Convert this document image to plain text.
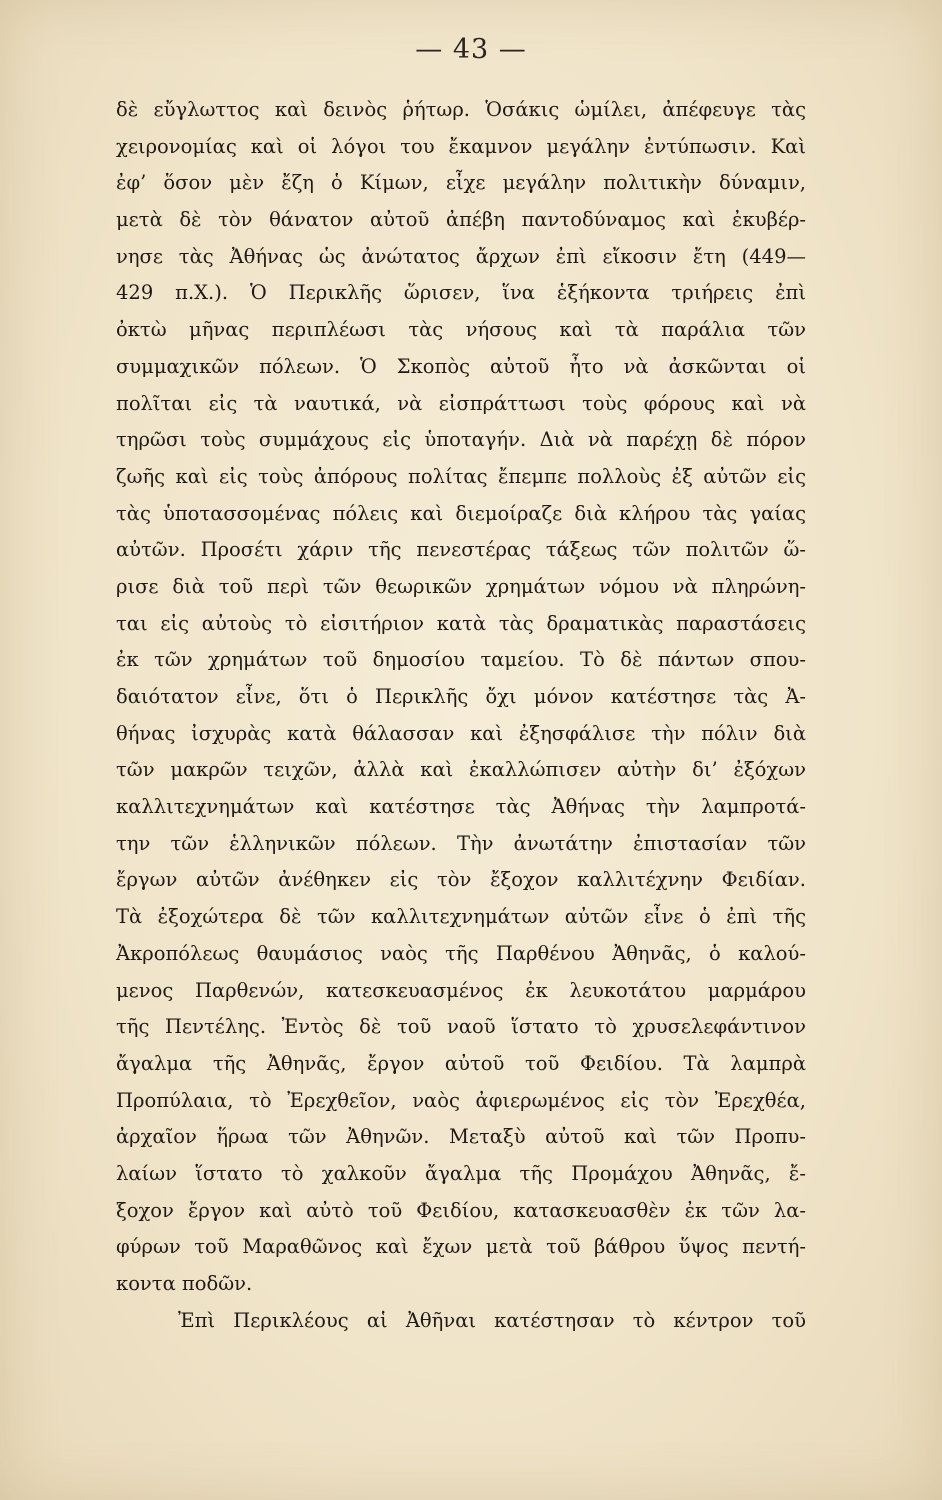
— 43 —
δὲ εὔγλωττος καὶ δεινὸς ῥήτωρ. Ὁσάκις ὡμίλει, ἀπέφευγε τὰς
χειρονομίας καὶ οἱ λόγοι του ἔκαμνον μεγάλην ἐντύπωσιν. Καὶ
ἐφ’ ὅσον μὲν ἔζη ὁ Κίμων, εἶχε μεγάλην πολιτικὴν δύναμιν,
μετὰ δὲ τὸν θάνατον αὐτοῦ ἀπέβη παντοδύναμος καὶ ἐκυβέρ-
νησε τὰς Ἀθήνας ὡς ἀνώτατος ἄρχων ἐπὶ εἴκοσιν ἔτη (449—
429 π.Χ.). Ὁ Περικλῆς ὥρισεν, ἵνα ἑξήκοντα τριήρεις ἐπὶ
ὀκτὼ μῆνας περιπλέωσι τὰς νήσους καὶ τὰ παράλια τῶν
συμμαχικῶν πόλεων. Ὁ Σκοπὸς αὐτοῦ ἦτο νὰ ἀσκῶνται οἱ
πολῖται εἰς τὰ ναυτικά, νὰ εἰσπράττωσι τοὺς φόρους καὶ νὰ
τηρῶσι τοὺς συμμάχους εἰς ὑποταγήν. Διὰ νὰ παρέχῃ δὲ πόρον
ζωῆς καὶ εἰς τοὺς ἀπόρους πολίτας ἔπεμπε πολλοὺς ἐξ αὐτῶν εἰς
τὰς ὑποτασσομένας πόλεις καὶ διεμοίραζε διὰ κλήρου τὰς γαίας
αὐτῶν. Προσέτι χάριν τῆς πενεστέρας τάξεως τῶν πολιτῶν ὥ-
ρισε διὰ τοῦ περὶ τῶν θεωρικῶν χρημάτων νόμου νὰ πληρώνη-
ται εἰς αὐτοὺς τὸ εἰσιτήριον κατὰ τὰς δραματικὰς παραστάσεις
ἐκ τῶν χρημάτων τοῦ δημοσίου ταμείου. Τὸ δὲ πάντων σπου-
δαιότατον εἶνε, ὅτι ὁ Περικλῆς ὄχι μόνον κατέστησε τὰς Ἀ-
θήνας ἰσχυρὰς κατὰ θάλασσαν καὶ ἐξησφάλισε τὴν πόλιν διὰ
τῶν μακρῶν τειχῶν, ἀλλὰ καὶ ἐκαλλώπισεν αὐτὴν δι’ ἐξόχων
καλλιτεχνημάτων καὶ κατέστησε τὰς Ἀθήνας τὴν λαμπροτά-
την τῶν ἑλληνικῶν πόλεων. Τὴν ἀνωτάτην ἐπιστασίαν τῶν
ἔργων αὐτῶν ἀνέθηκεν εἰς τὸν ἔξοχον καλλιτέχνην Φειδίαν.
Τὰ ἐξοχώτερα δὲ τῶν καλλιτεχνημάτων αὐτῶν εἶνε ὁ ἐπὶ τῆς
Ἀκροπόλεως θαυμάσιος ναὸς τῆς Παρθένου Ἀθηνᾶς, ὁ καλού-
μενος Παρθενών, κατεσκευασμένος ἐκ λευκοτάτου μαρμάρου
τῆς Πεντέλης. Ἐντὸς δὲ τοῦ ναοῦ ἵστατο τὸ χρυσελεφάντινον
ἄγαλμα τῆς Ἀθηνᾶς, ἔργον αὐτοῦ τοῦ Φειδίου. Τὰ λαμπρὰ
Προπύλαια, τὸ Ἐρεχθεῖον, ναὸς ἀφιερωμένος εἰς τὸν Ἐρεχθέα,
ἀρχαῖον ἥρωα τῶν Ἀθηνῶν. Μεταξὺ αὐτοῦ καὶ τῶν Προπυ-
λαίων ἵστατο τὸ χαλκοῦν ἄγαλμα τῆς Προμάχου Ἀθηνᾶς, ἔ-
ξοχον ἔργον καὶ αὐτὸ τοῦ Φειδίου, κατασκευασθὲν ἐκ τῶν λα-
φύρων τοῦ Μαραθῶνος καὶ ἔχων μετὰ τοῦ βάθρου ὕψος πεντή-
κοντα ποδῶν.
Ἐπὶ Περικλέους αἱ Ἀθῆναι κατέστησαν τὸ κέντρον τοῦ
